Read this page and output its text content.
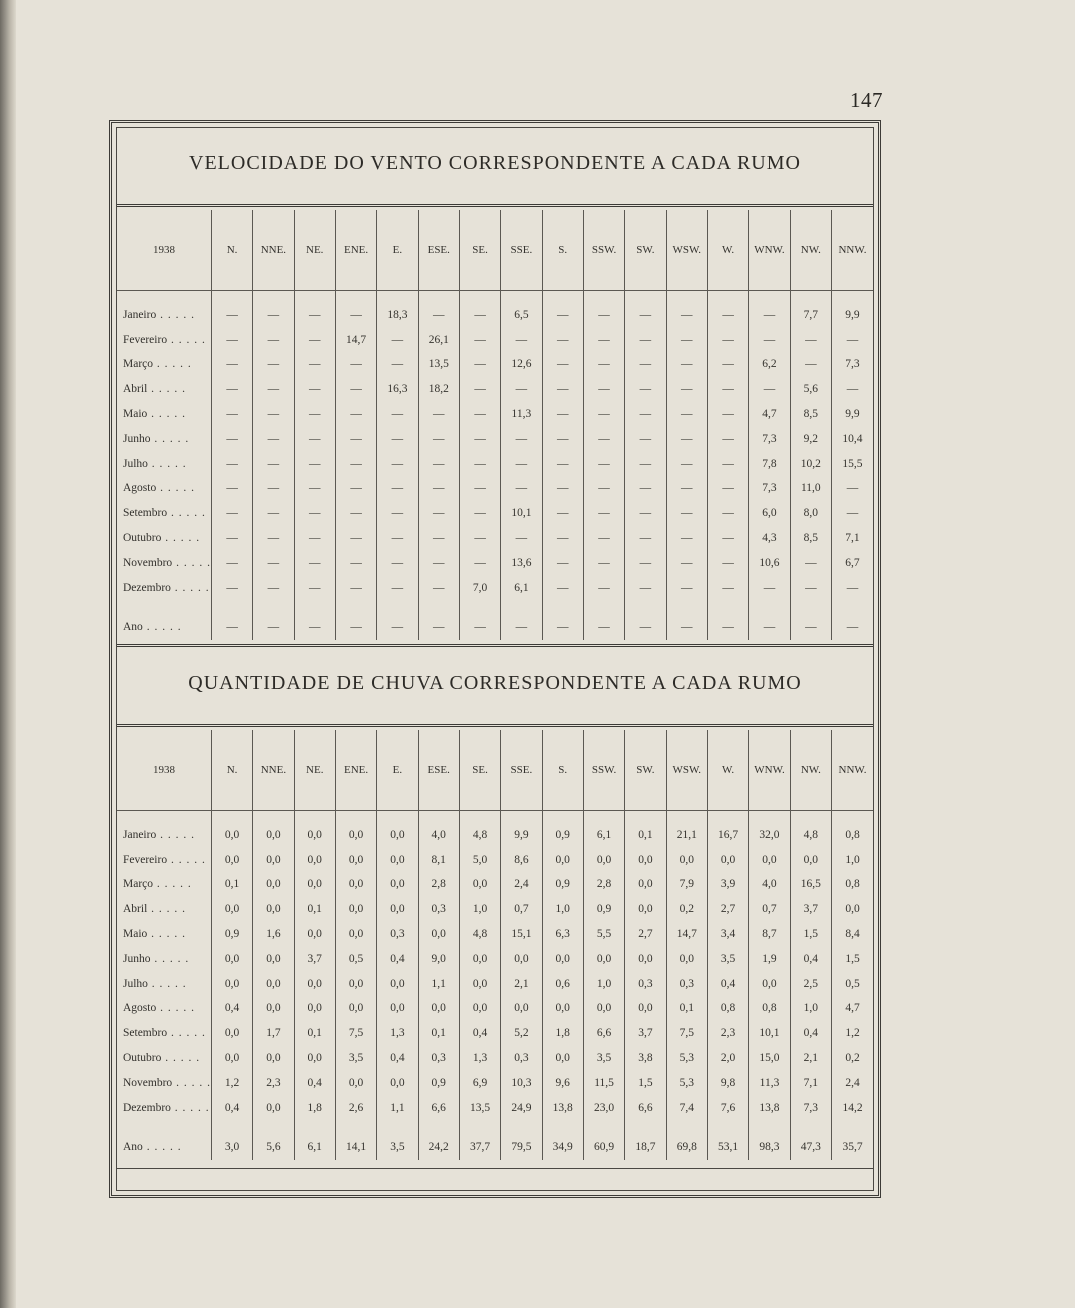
147
VELOCIDADE DO VENTO CORRESPONDENTE A CADA RUMO
1938	N.	NNE.	NE.	ENE.	E.	ESE.	SE.	SSE.	S.	SSW.	SW.	WSW.	W.	WNW.	NW.	NNW.

Janeiro . . . . .	—	—	—	—	18,3	—	—	6,5	—	—	—	—	—	—	7,7	9,9
Fevereiro . . . . .	—	—	—	14,7	—	26,1	—	—	—	—	—	—	—	—	—	—
Março . . . . .	—	—	—	—	—	13,5	—	12,6	—	—	—	—	—	6,2	—	7,3
Abril . . . . .	—	—	—	—	16,3	18,2	—	—	—	—	—	—	—	—	5,6	—
Maio . . . . .	—	—	—	—	—	—	—	11,3	—	—	—	—	—	4,7	8,5	9,9
Junho . . . . .	—	—	—	—	—	—	—	—	—	—	—	—	—	7,3	9,2	10,4
Julho . . . . .	—	—	—	—	—	—	—	—	—	—	—	—	—	7,8	10,2	15,5
Agosto . . . . .	—	—	—	—	—	—	—	—	—	—	—	—	—	7,3	11,0	—
Setembro . . . . .	—	—	—	—	—	—	—	10,1	—	—	—	—	—	6,0	8,0	—
Outubro . . . . .	—	—	—	—	—	—	—	—	—	—	—	—	—	4,3	8,5	7,1
Novembro . . . . .	—	—	—	—	—	—	—	13,6	—	—	—	—	—	10,6	—	6,7
Dezembro . . . . .	—	—	—	—	—	—	7,0	6,1	—	—	—	—	—	—	—	—

Ano . . . . .	—	—	—	—	—	—	—	—	—	—	—	—	—	—	—	—
QUANTIDADE DE CHUVA CORRESPONDENTE A CADA RUMO
1938	N.	NNE.	NE.	ENE.	E.	ESE.	SE.	SSE.	S.	SSW.	SW.	WSW.	W.	WNW.	NW.	NNW.

Janeiro . . . . .	0,0	0,0	0,0	0,0	0,0	4,0	4,8	9,9	0,9	6,1	0,1	21,1	16,7	32,0	4,8	0,8
Fevereiro . . . . .	0,0	0,0	0,0	0,0	0,0	8,1	5,0	8,6	0,0	0,0	0,0	0,0	0,0	0,0	0,0	1,0
Março . . . . .	0,1	0,0	0,0	0,0	0,0	2,8	0,0	2,4	0,9	2,8	0,0	7,9	3,9	4,0	16,5	0,8
Abril . . . . .	0,0	0,0	0,1	0,0	0,0	0,3	1,0	0,7	1,0	0,9	0,0	0,2	2,7	0,7	3,7	0,0
Maio . . . . .	0,9	1,6	0,0	0,0	0,3	0,0	4,8	15,1	6,3	5,5	2,7	14,7	3,4	8,7	1,5	8,4
Junho . . . . .	0,0	0,0	3,7	0,5	0,4	9,0	0,0	0,0	0,0	0,0	0,0	0,0	3,5	1,9	0,4	1,5
Julho . . . . .	0,0	0,0	0,0	0,0	0,0	1,1	0,0	2,1	0,6	1,0	0,3	0,3	0,4	0,0	2,5	0,5
Agosto . . . . .	0,4	0,0	0,0	0,0	0,0	0,0	0,0	0,0	0,0	0,0	0,0	0,1	0,8	0,8	1,0	4,7
Setembro . . . . .	0,0	1,7	0,1	7,5	1,3	0,1	0,4	5,2	1,8	6,6	3,7	7,5	2,3	10,1	0,4	1,2
Outubro . . . . .	0,0	0,0	0,0	3,5	0,4	0,3	1,3	0,3	0,0	3,5	3,8	5,3	2,0	15,0	2,1	0,2
Novembro . . . . .	1,2	2,3	0,4	0,0	0,0	0,9	6,9	10,3	9,6	11,5	1,5	5,3	9,8	11,3	7,1	2,4
Dezembro . . . . .	0,4	0,0	1,8	2,6	1,1	6,6	13,5	24,9	13,8	23,0	6,6	7,4	7,6	13,8	7,3	14,2

Ano . . . . .	3,0	5,6	6,1	14,1	3,5	24,2	37,7	79,5	34,9	60,9	18,7	69,8	53,1	98,3	47,3	35,7
